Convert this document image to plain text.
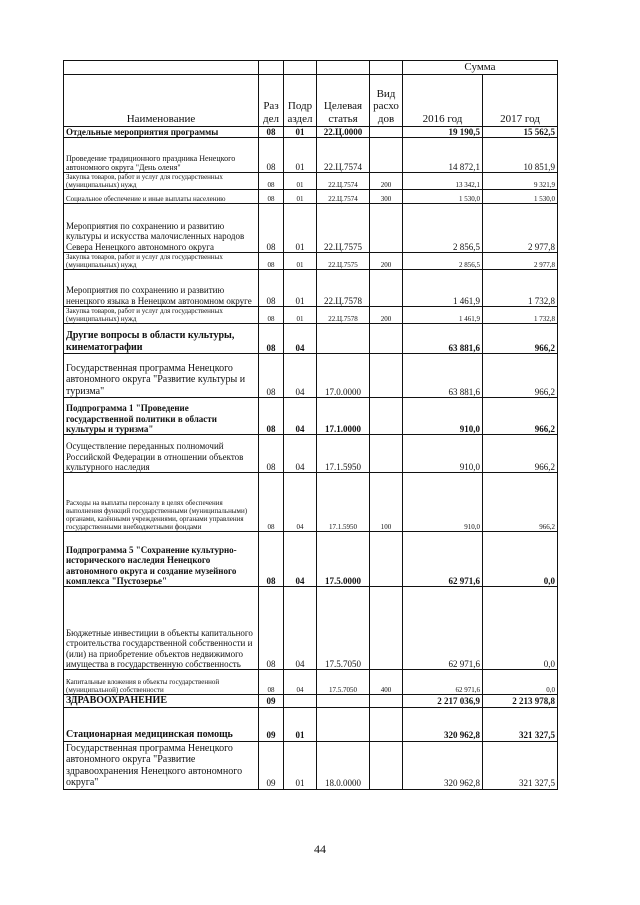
					Сумма	
Наименование	Раз дел	Подр аздел	Целевая статья	Вид расхо дов	2016 год	2017 год
Отдельные мероприятия программы	08	01	22.Ц.0000		19 190,5	15 562,5
Проведение традиционного праздника Ненецкого автономного округа "День оленя"	08	01	22.Ц.7574		14 872,1	10 851,9
Закупка товаров, работ и услуг для государственных (муниципальных) нужд	08	01	22.Ц.7574	200	13 342,1	9 321,9
Социальное обеспечение и иные выплаты населению	08	01	22.Ц.7574	300	1 530,0	1 530,0
Мероприятия по сохранению и развитию культуры и искусства малочисленных народов Севера Ненецкого автономного округа	08	01	22.Ц.7575		2 856,5	2 977,8
Закупка товаров, работ и услуг для государственных (муниципальных) нужд	08	01	22.Ц.7575	200	2 856,5	2 977,8
Мероприятия по сохранению и развитию ненецкого языка в Ненецком автономном округе	08	01	22.Ц.7578		1 461,9	1 732,8
Закупка товаров, работ и услуг для государственных (муниципальных) нужд	08	01	22.Ц.7578	200	1 461,9	1 732,8
Другие вопросы в области культуры, кинематографии	08	04			63 881,6	966,2
Государственная программа Ненецкого автономного округа "Развитие культуры и туризма"	08	04	17.0.0000		63 881,6	966,2
Подпрограмма 1 "Проведение государственной политики в области культуры и туризма"	08	04	17.1.0000		910,0	966,2
Осуществление переданных полномочий Российской Федерации в отношении объектов культурного наследия	08	04	17.1.5950		910,0	966,2
Расходы на выплаты персоналу в целях обеспечения выполнения функций государственными (муниципальными) органами, казёнными учреждениями, органами управления государственными внебюджетными фондами	08	04	17.1.5950	100	910,0	966,2
Подпрограмма 5 "Сохранение культурно-исторического наследия Ненецкого автономного округа и создание музейного комплекса "Пустозерье"	08	04	17.5.0000		62 971,6	0,0
Бюджетные инвестиции в объекты капитального строительства государственной собственности и (или) на приобретение объектов недвижимого имущества в государственную собственность	08	04	17.5.7050		62 971,6	0,0
Капитальные вложения в объекты государственной (муниципальной) собственности	08	04	17.5.7050	400	62 971,6	0,0
ЗДРАВООХРАНЕНИЕ	09				2 217 036,9	2 213 978,8
Стационарная медицинская помощь	09	01			320 962,8	321 327,5
Государственная программа Ненецкого автономного округа "Развитие здравоохранения Ненецкого автономного округа"	09	01	18.0.0000		320 962,8	321 327,5
44
